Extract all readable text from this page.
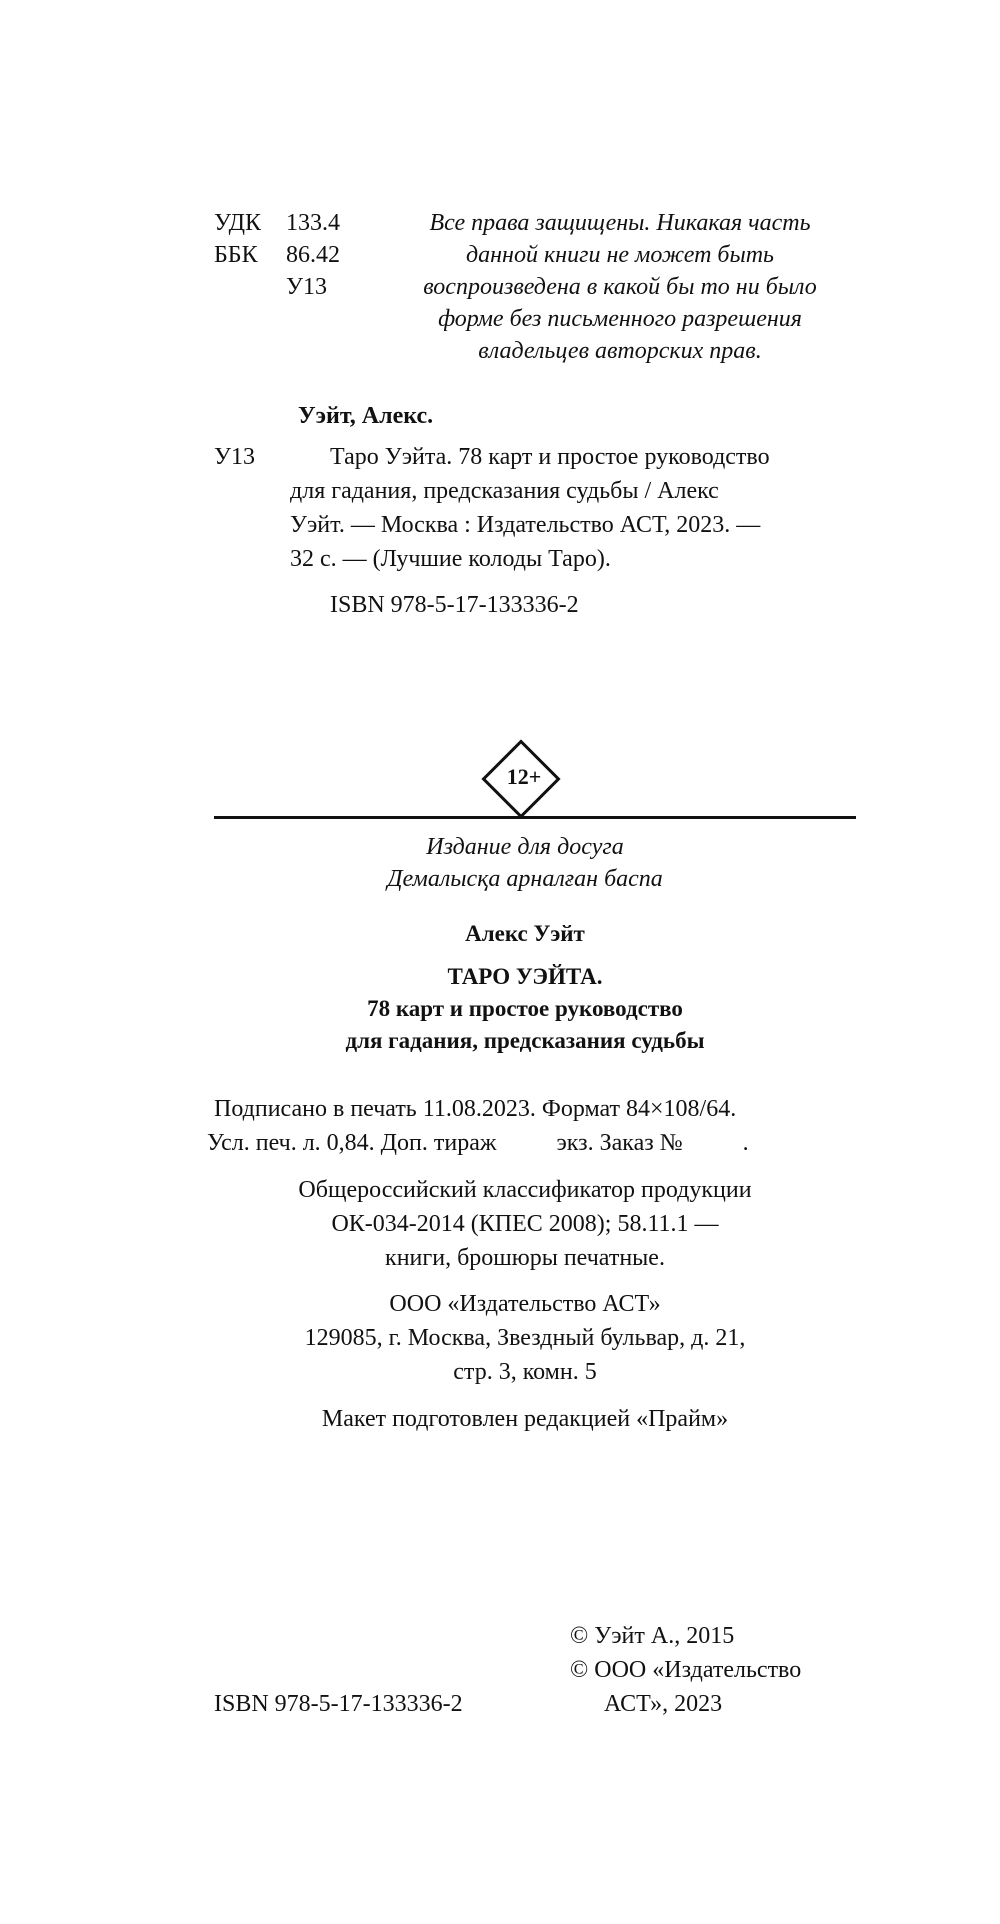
УДК 133.4
ББК 86.42
У13
Все права защищены. Никакая часть
данной книги не может быть
воспроизведена в какой бы то ни было
форме без письменного разрешения
владельцев авторских прав.
Уэйт, Алекс.
У13	Таро Уэйта. 78 карт и простое руководство
для гадания, предсказания судьбы / Алекс
Уэйт. — Москва : Издательство АСТ, 2023. —
32 с. — (Лучшие колоды Таро).
ISBN 978-5-17-133336-2
12+
Издание для досуга
Демалысқа арналған баспа
Алекс Уэйт
ТАРО УЭЙТА.
78 карт и простое руководство
для гадания, предсказания судьбы
Подписано в печать 11.08.2023. Формат 84×108/64.
Усл. печ. л. 0,84. Доп. тираж          экз. Заказ №          .
Общероссийский классификатор продукции
ОК-034-2014 (КПЕС 2008); 58.11.1 —
книги, брошюры печатные.
ООО «Издательство АСТ»
129085, г. Москва, Звездный бульвар, д. 21,
стр. 3, комн. 5
Макет подготовлен редакцией «Прайм»
© Уэйт А., 2015
© ООО «Издательство
АСТ», 2023
ISBN 978-5-17-133336-2
